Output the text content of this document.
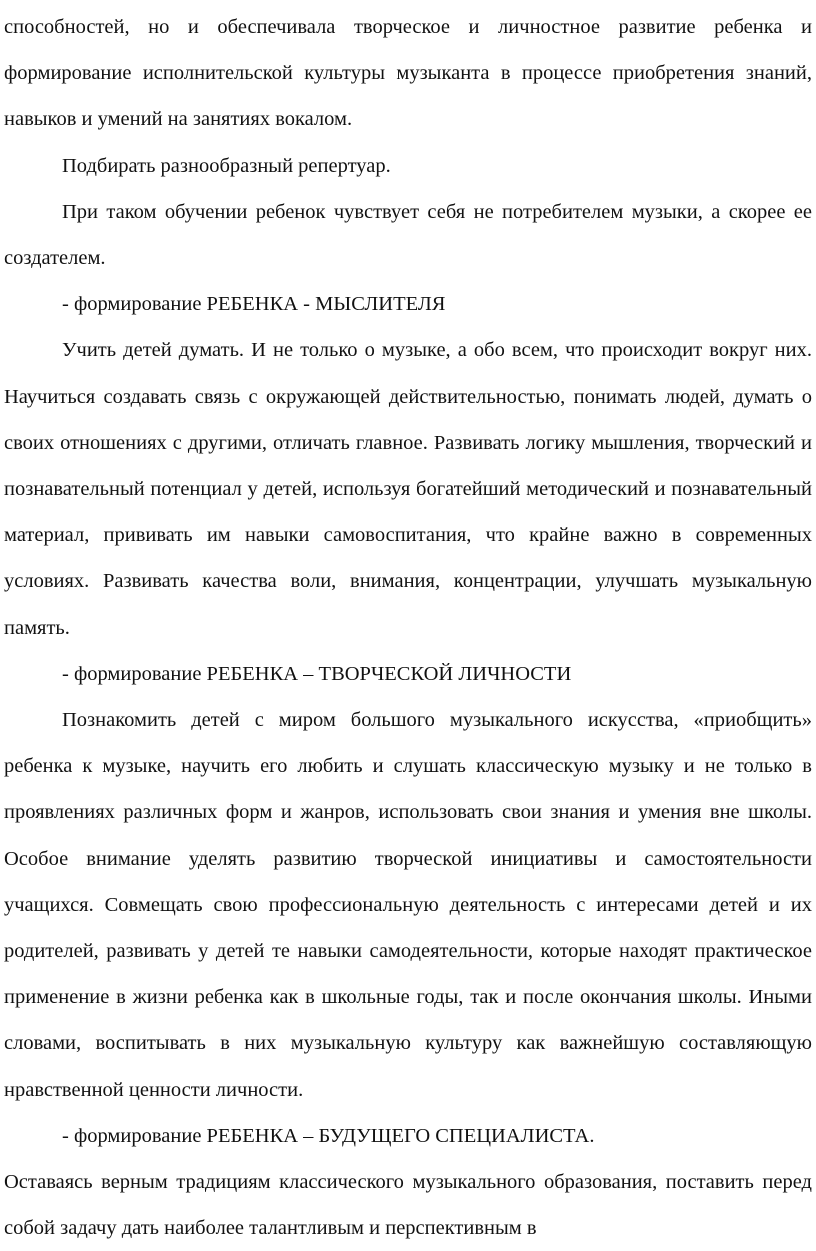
способностей, но и обеспечивала творческое и личностное развитие ребенка и формирование исполнительской культуры музыканта в процессе приобретения знаний, навыков и умений на занятиях вокалом.

Подбирать разнообразный репертуар.

При таком обучении ребенок чувствует себя не потребителем музыки, а скорее ее создателем.

- формирование РЕБЕНКА - МЫСЛИТЕЛЯ

Учить детей думать. И не только о музыке, а обо всем, что происходит вокруг них. Научиться создавать связь с окружающей действительностью, понимать людей, думать о своих отношениях с другими, отличать главное. Развивать логику мышления, творческий и познавательный потенциал у детей, используя богатейший методический и познавательный материал, прививать им навыки самовоспитания, что крайне важно в современных условиях. Развивать качества воли, внимания, концентрации, улучшать музыкальную память.

- формирование РЕБЕНКА – ТВОРЧЕСКОЙ ЛИЧНОСТИ

Познакомить детей с миром большого музыкального искусства, «приобщить» ребенка к музыке, научить его любить и слушать классическую музыку и не только в проявлениях различных форм и жанров, использовать свои знания и умения вне школы. Особое внимание уделять развитию творческой инициативы и самостоятельности учащихся. Совмещать свою профессиональную деятельность с интересами детей и их родителей, развивать у детей те навыки самодеятельности, которые находят практическое применение в жизни ребенка как в школьные годы, так и после окончания школы. Иными словами, воспитывать в них музыкальную культуру как важнейшую составляющую нравственной ценности личности.

- формирование РЕБЕНКА – БУДУЩЕГО СПЕЦИАЛИСТА.

Оставаясь верным традициям классического музыкального образования, поставить перед собой задачу дать наиболее талантливым и перспективным в
